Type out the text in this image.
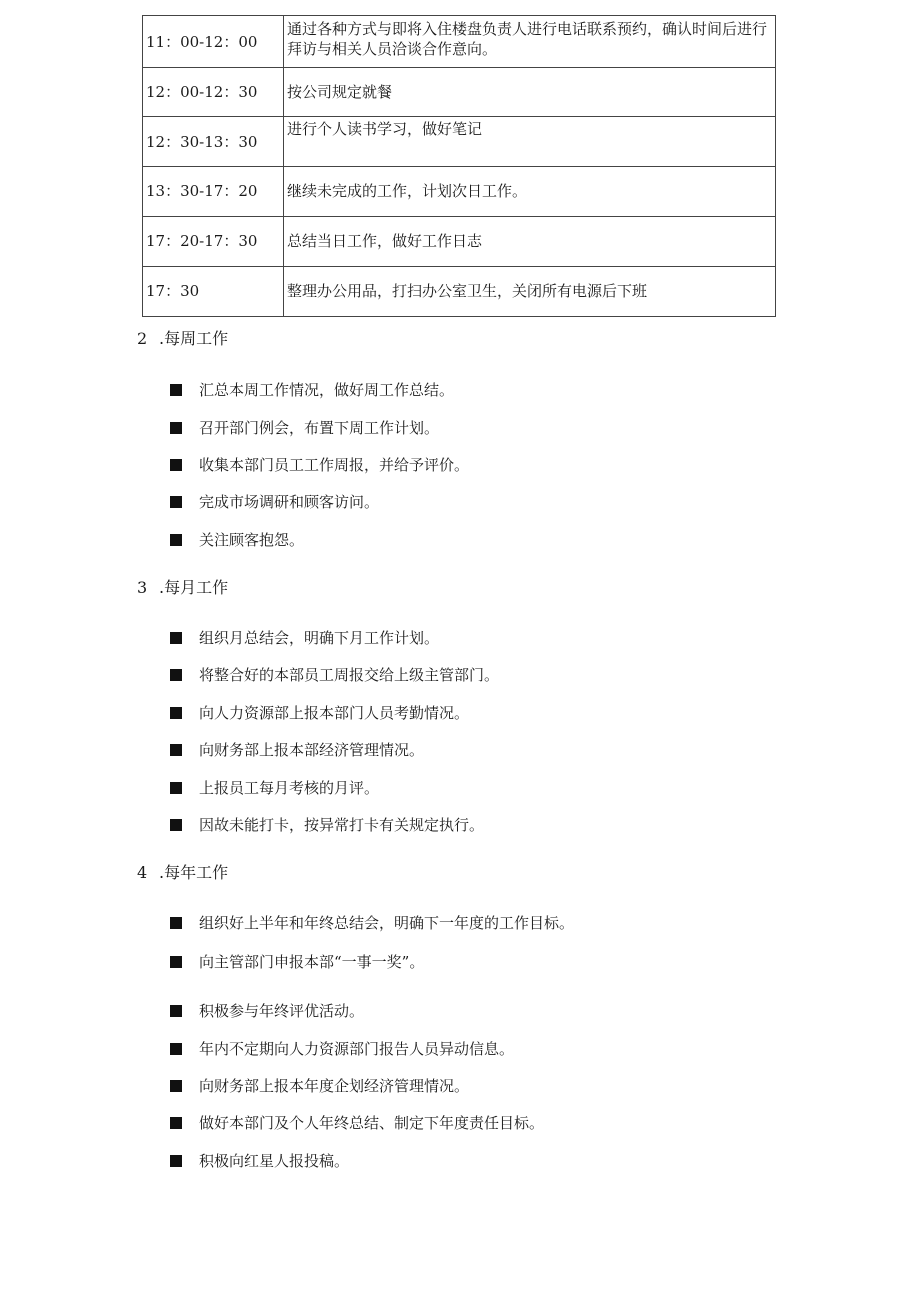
11：00-12：00	通过各种方式与即将入住楼盘负责人进行电话联系预约，确认时间后进行拜访与相关人员洽谈合作意向。
12：00-12：30	按公司规定就餐
12：30-13：30	进行个人读书学习，做好笔记
13：30-17：20	继续未完成的工作，计划次日工作。
17：20-17：30	总结当日工作，做好工作日志
17：30	整理办公用品，打扫办公室卫生，关闭所有电源后下班
2 .每周工作
汇总本周工作情况，做好周工作总结。
召开部门例会，布置下周工作计划。
收集本部门员工工作周报，并给予评价。
完成市场调研和顾客访问。
关注顾客抱怨。
3 .每月工作
组织月总结会，明确下月工作计划。
将整合好的本部员工周报交给上级主管部门。
向人力资源部上报本部门人员考勤情况。
向财务部上报本部经济管理情况。
上报员工每月考核的月评。
因故未能打卡，按异常打卡有关规定执行。
4 .每年工作
组织好上半年和年终总结会，明确下一年度的工作目标。
向主管部门申报本部“一事一奖”。
积极参与年终评优活动。
年内不定期向人力资源部门报告人员异动信息。
向财务部上报本年度企划经济管理情况。
做好本部门及个人年终总结、制定下年度责任目标。
积极向红星人报投稿。
